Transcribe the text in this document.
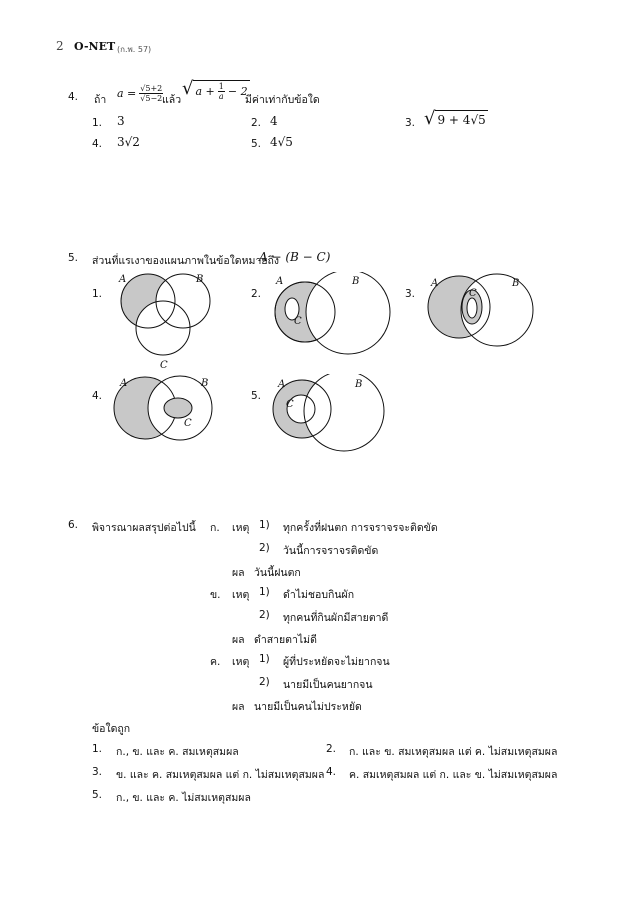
2 O-NET (ก.พ. 57)
4. ถ้า $a = \frac{√5+2}{√5-2}$
แล้ว
√ $a + \frac{1}{a} - 2$
มีค่าเท่ากับข้อใด
1. 3	2. 4	3. √ 9 + 4√5
4. 3√2	5. 4√5
5. ส่วนที่แรเงาของแผนภาพในข้อใดหมายถึง
A − (B − C)
1.
A	B
C
2.
A	B
C
3.
A
C
B
4.
A	B
C
5.
A	B
C
6. พิจารณาผลสรุปต่อไปนี้ ก. เหตุ 1) ทุกครั้งที่ฝนตก การจราจรจะติดขัด
2) วันนี้การจราจรติดขัด
ผล วันนี้ฝนตก
ข. เหตุ 1) ดำไม่ชอบกินผัก
2) ทุกคนที่กินผักมีสายตาดี
ผล ดำสายตาไม่ดี
ค. เหตุ 1) ผู้ที่ประหยัดจะไม่ยากจน
2) นายมีเป็นคนยากจน
ผล นายมีเป็นคนไม่ประหยัด
ข้อใดถูก
1. ก., ข. และ ค. สมเหตุสมผล	2. ก. และ ข. สมเหตุสมผล แต่ ค. ไม่สมเหตุสมผล
3. ข. และ ค. สมเหตุสมผล แต่ ก. ไม่สมเหตุสมผล 4. ค. สมเหตุสมผล แต่ ก. และ ข. ไม่สมเหตุสมผล
5. ก., ข. และ ค. ไม่สมเหตุสมผล
